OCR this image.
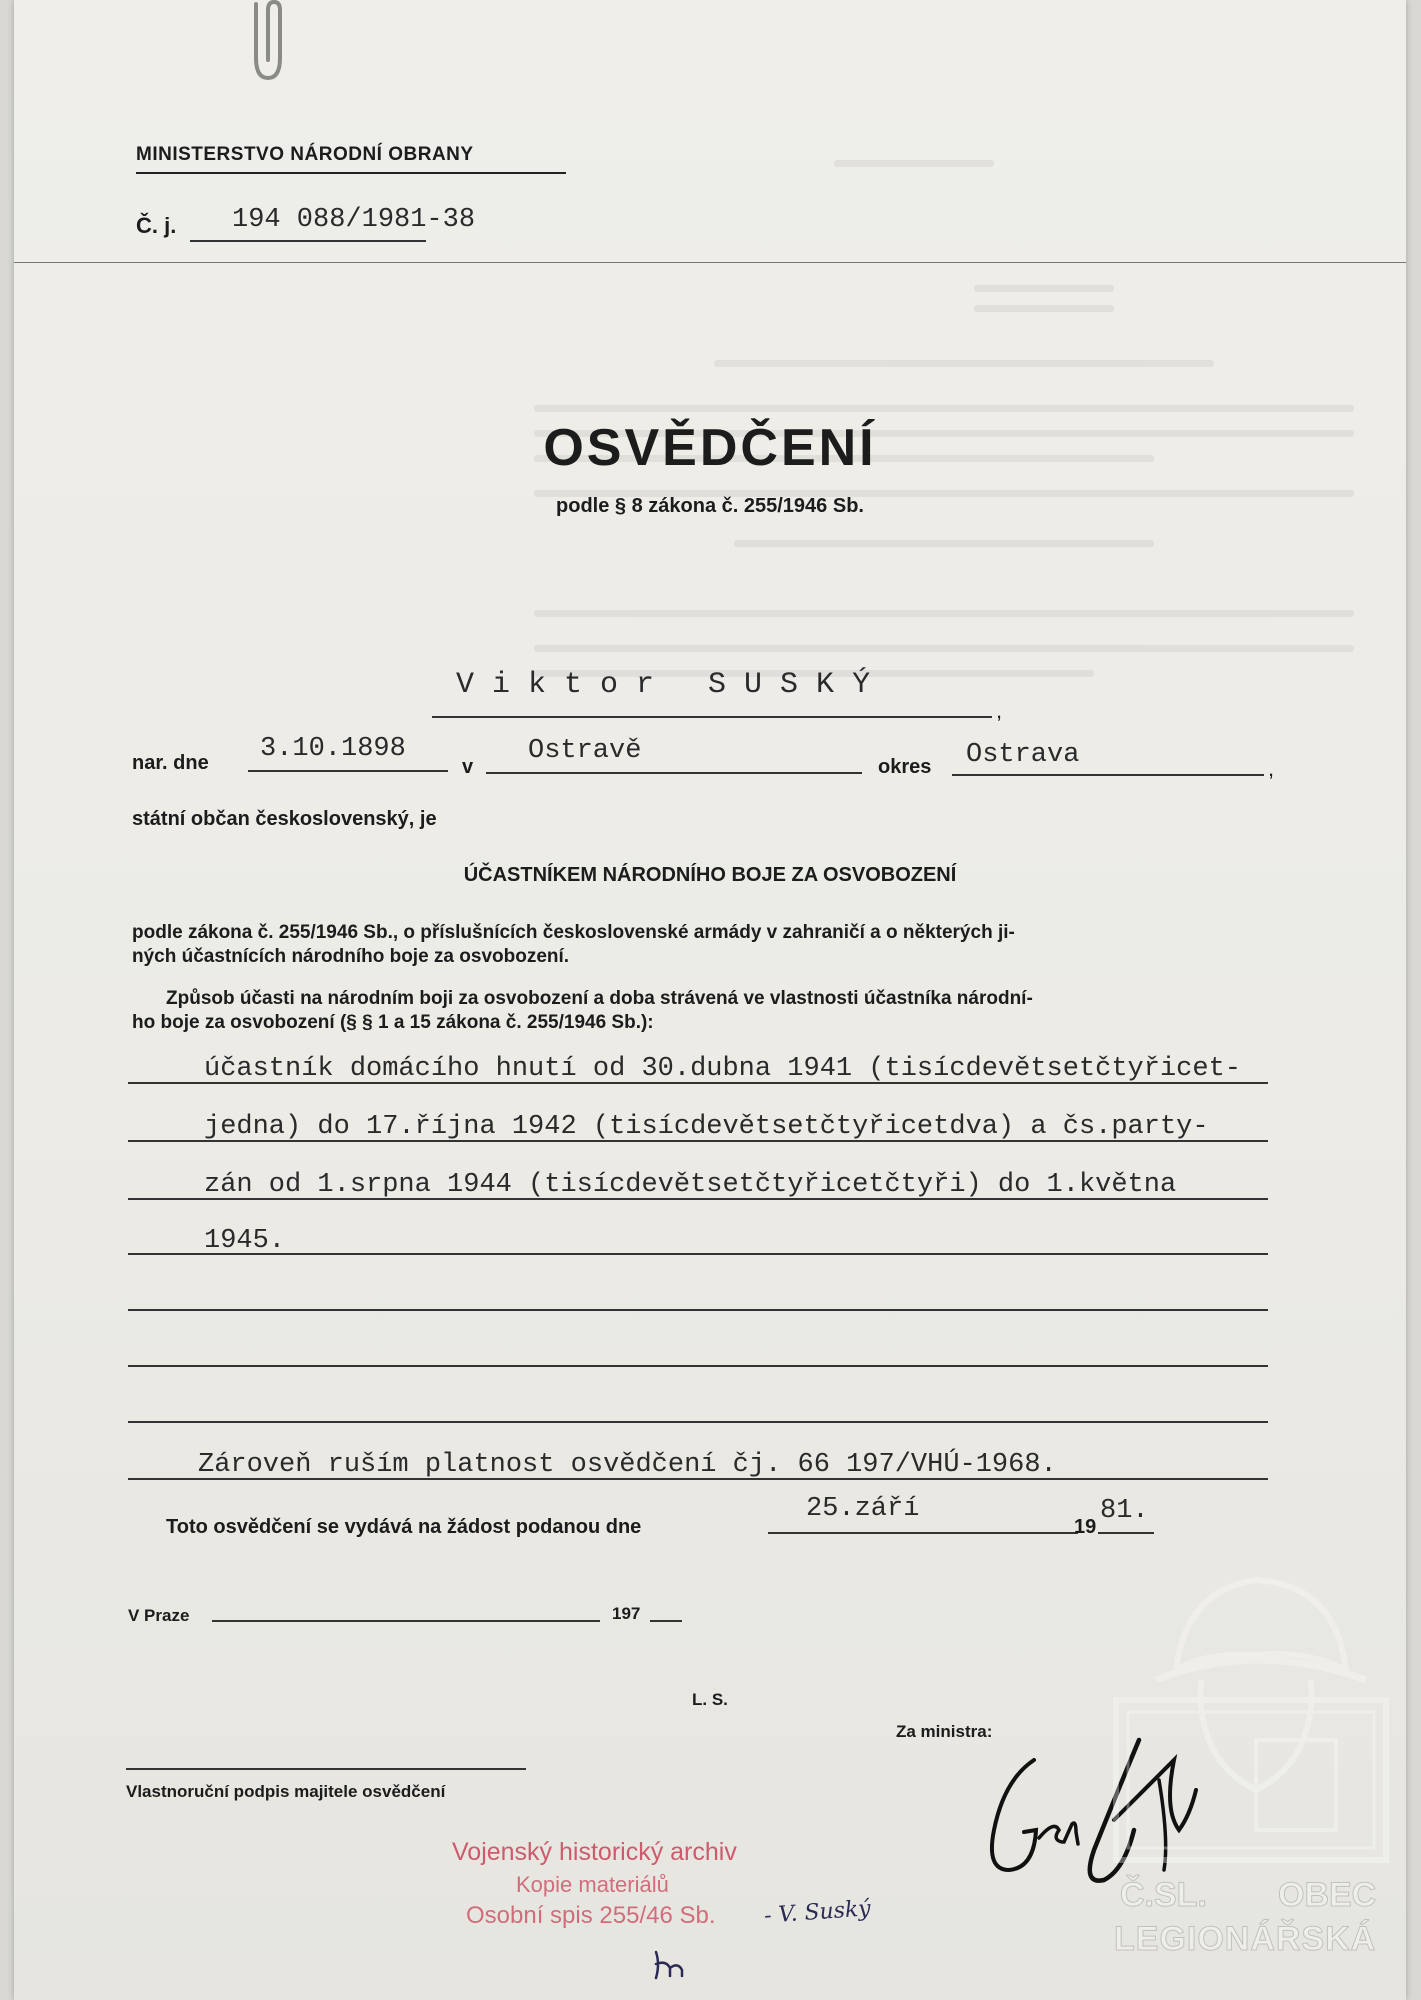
MINISTERSTVO NÁRODNÍ OBRANY
Č. j. 194 088/1981-38
OSVĚDČENÍ
podle § 8 zákona č. 255/1946 Sb.
V i k t o r   S U S K Ý
,
nar. dne 3.10.1898
v
Ostravě
okres Ostrava	,
státní občan československý, je
ÚČASTNÍKEM NÁRODNÍHO BOJE ZA OSVOBOZENÍ
podle zákona č. 255/1946 Sb., o příslušnících československé armády v zahraničí a o některých ji-
ných účastnících národního boje za osvobození.
Způsob účasti na národním boji za osvobození a doba strávená ve vlastnosti účastníka národní-
ho boje za osvobození (§ § 1 a 15 zákona č. 255/1946 Sb.):
účastník domácího hnutí od 30.dubna 1941 (tisícdevětsetčtyřicet-
jedna) do 17.října 1942 (tisícdevětsetčtyřicetdva) a čs.party-
zán od 1.srpna 1944 (tisícdevětsetčtyřicetčtyři) do 1.května
1945.
Zároveň ruším platnost osvědčení čj. 66 197/VHÚ-1968.
Toto osvědčení se vydává na žádost podanou dne
25.září
19
81.
V Praze	197
L. S.
Za ministra:
Vlastnoruční podpis majitele osvědčení
Vojenský historický archiv
Kopie materiálů
Osobní spis 255/46 Sb. - V. Suský	Č.SL. OBEC
LEGIONÁŘSKÁ
